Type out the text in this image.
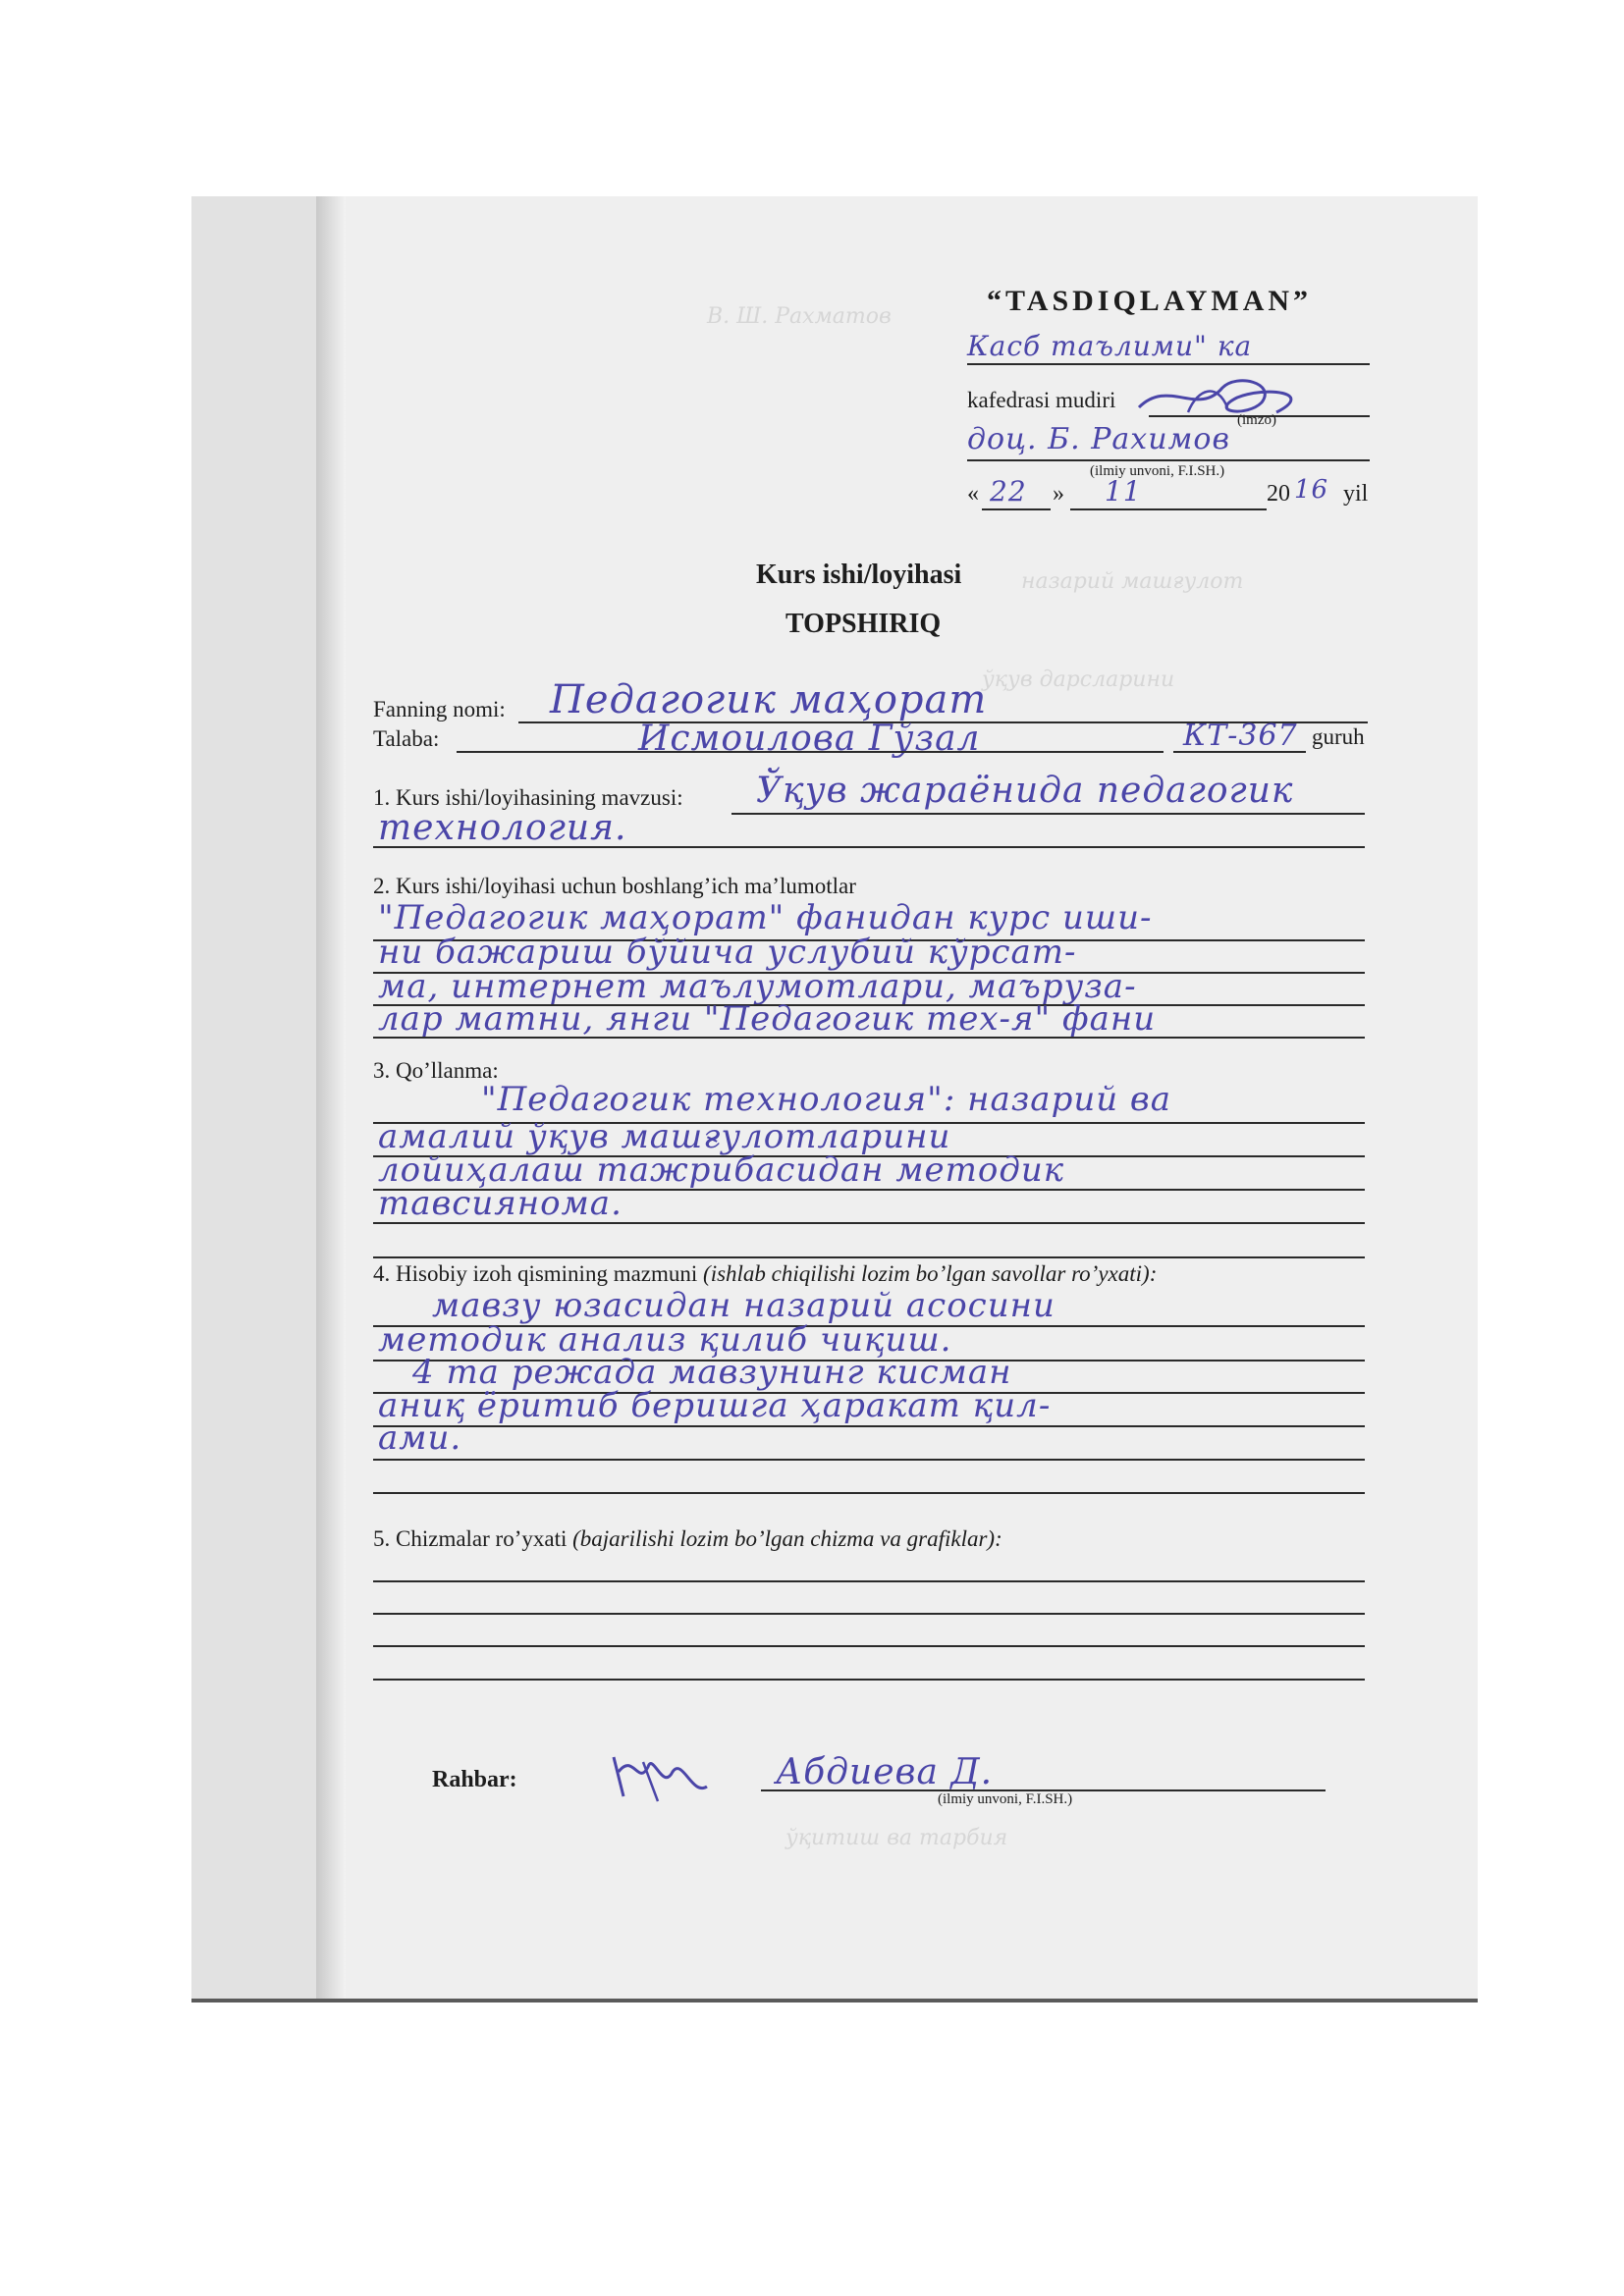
“TASDIQLAYMAN”
Касб таълими" ка
kafedrasi mudiri
(imzo)
доц. Б. Рахимов
(ilmiy unvoni, F.I.SH.)
« 22 » 11	20 16 yil
Kurs ishi/loyihasi
TOPSHIRIQ
В. Ш. Рахматов
назарий машғулот
ўқув дарсларини
ўқитиш ва тарбия
Fanning nomi: Педагогик маҳорат
Talaba:	Исмоилова Гўзал	КТ-367 guruh
1. Kurs ishi/loyihasining mavzusi: Ўқув жараёнида педагогик
технология.
2. Kurs ishi/loyihasi uchun boshlang’ich ma’lumotlar
"Педагогик маҳорат" фанидан курс иши-
ни бажариш бўйича услубий кўрсат-
ма, интернет маълумотлари, маъруза-
лар матни, янги "Педагогик тех-я" фани
3. Qo’llanma:
"Педагогик технология": назарий ва
амалий ўқув машғулотларини
лойиҳалаш тажрибасидан методик
тавсиянома.
4. Hisobiy izoh qismining mazmuni (ishlab chiqilishi lozim bo’lgan savollar ro’yxati):
мавзу юзасидан назарий асосини
методик анализ қилиб чиқиш.
4 та режада мавзунинг кисман
аниқ ёритиб беришга ҳаракат қил-
ами.
5. Chizmalar ro’yxati (bajarilishi lozim bo’lgan chizma va grafiklar):
Rahbar:	Абдиева Д.
(ilmiy unvoni, F.I.SH.)
